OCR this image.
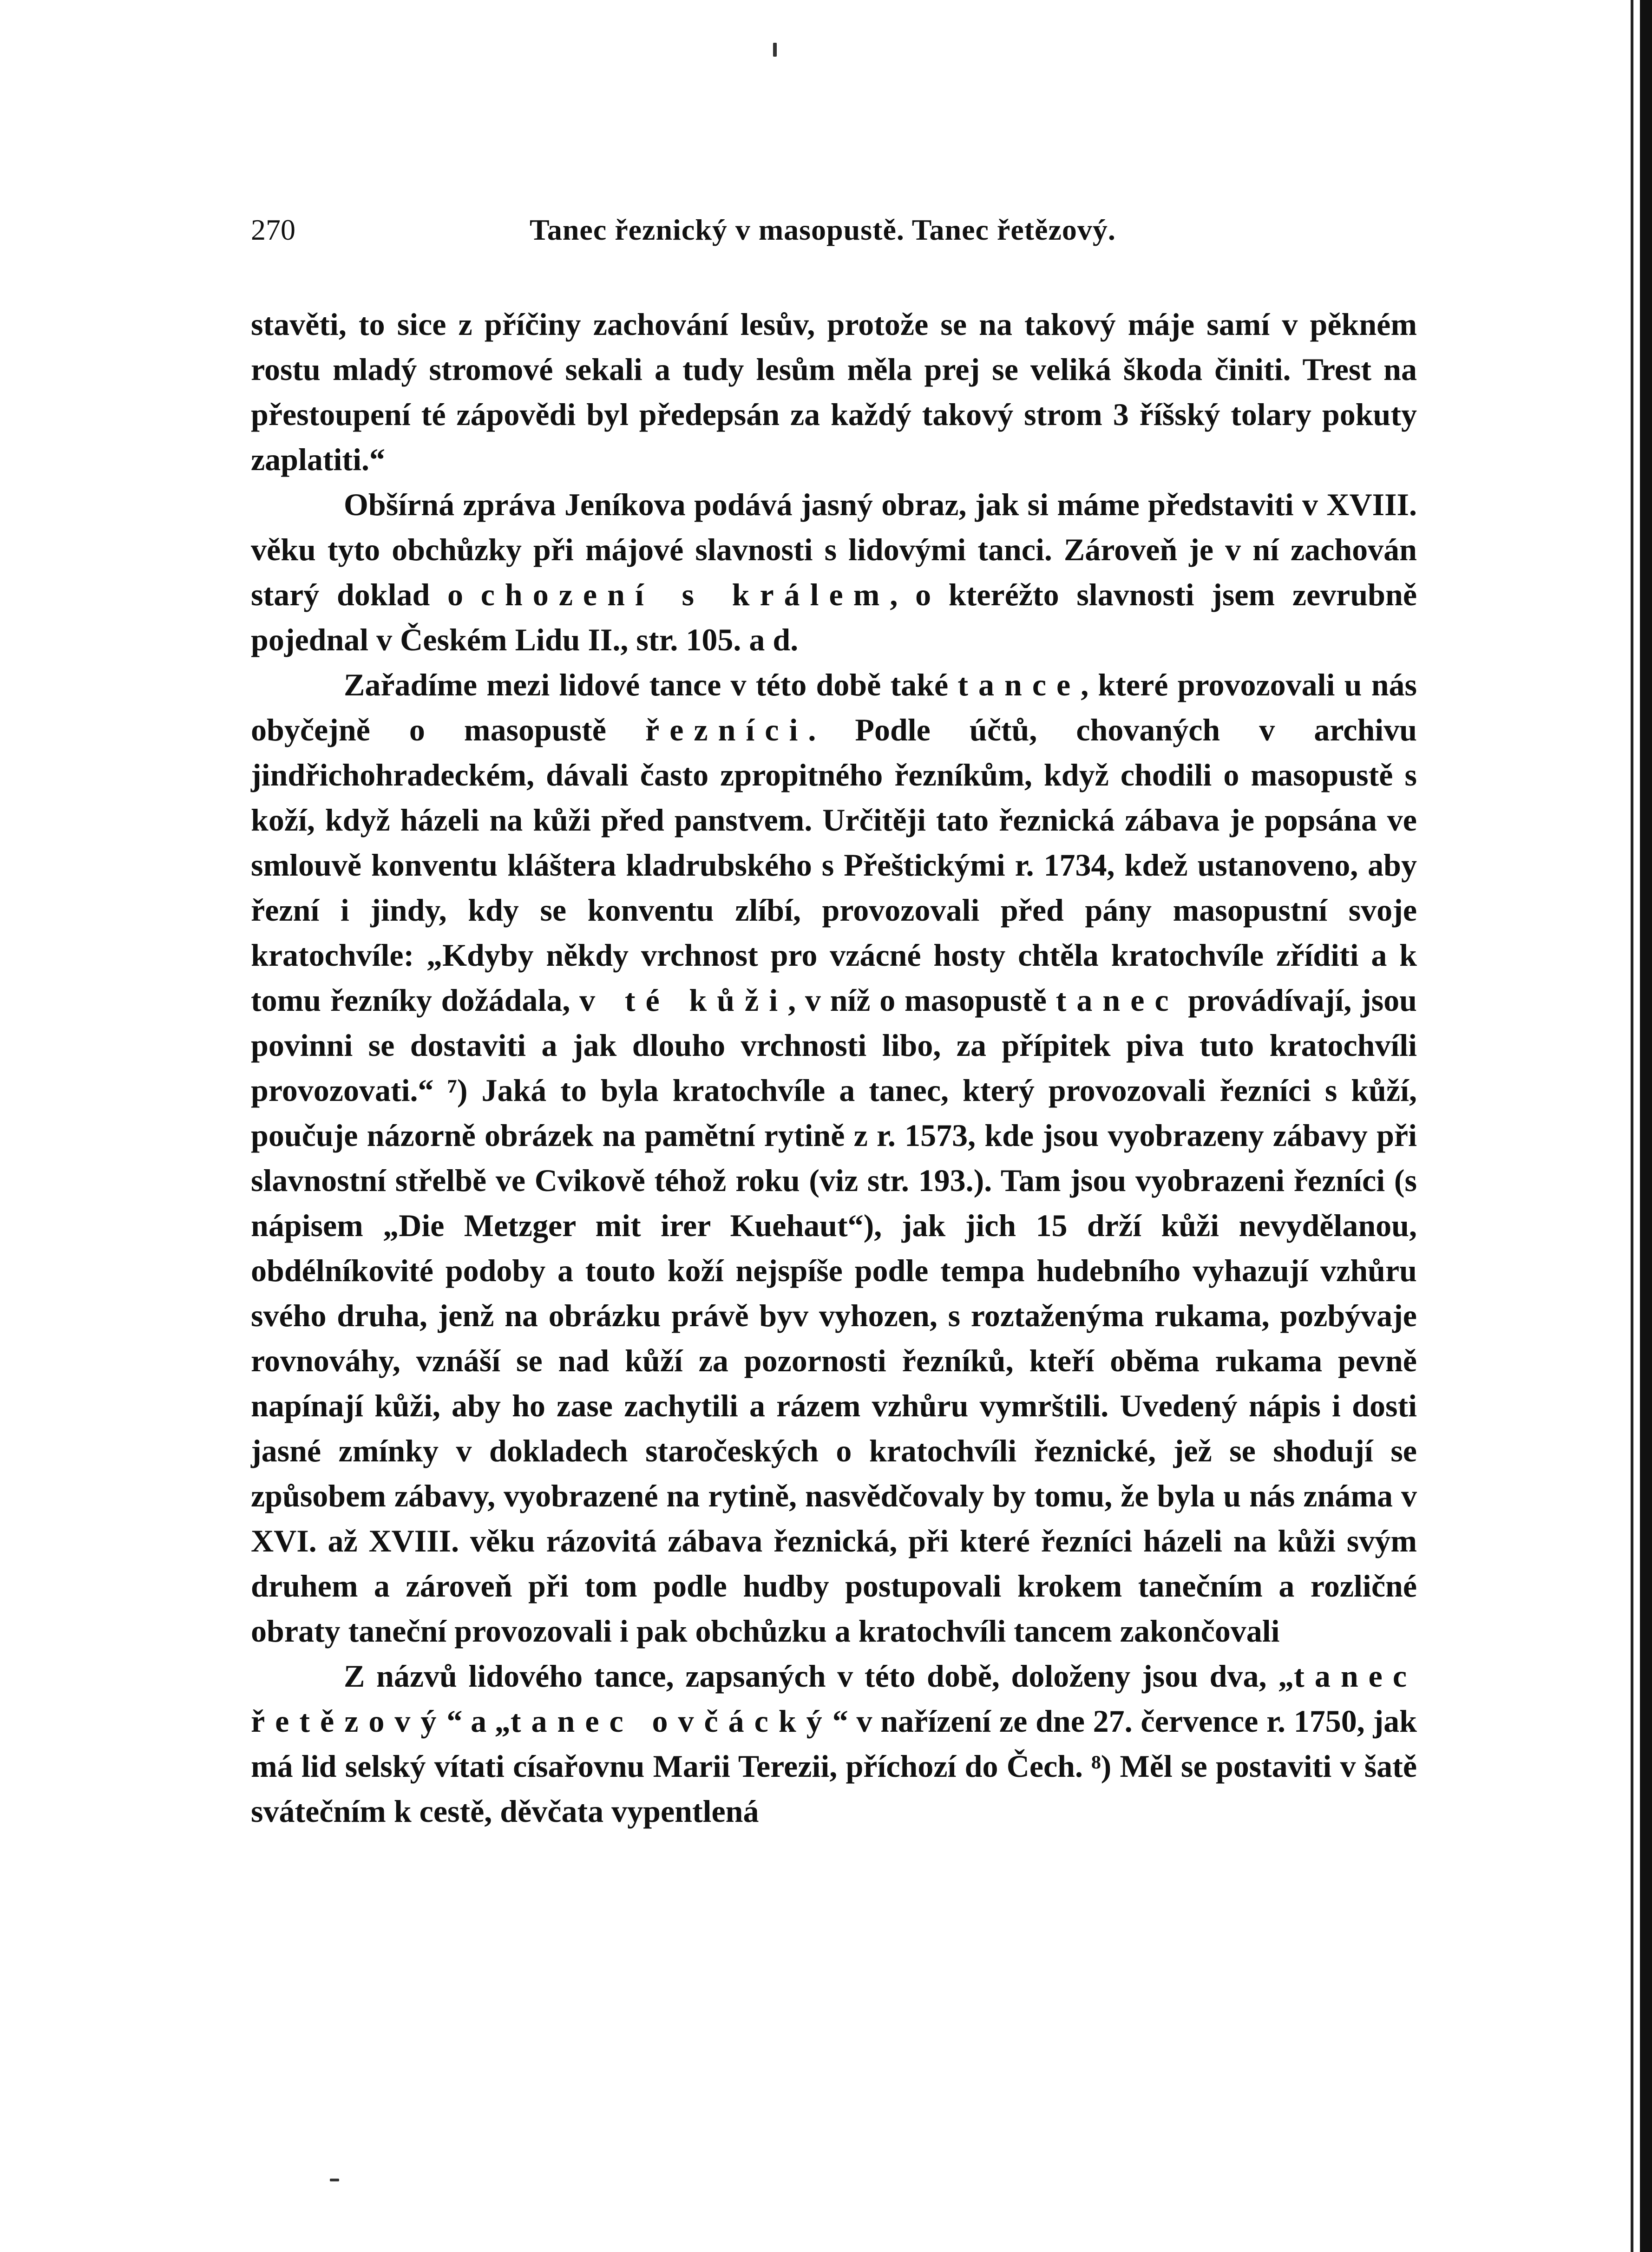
270	Tanec řeznický v masopustě. Tanec řetězový.

stavěti, to sice z příčiny zachování lesův, protože se na takový máje samí v pěkném rostu mladý stromové sekali a tudy lesům měla prej se veliká škoda činiti. Trest na přestoupení té zápovědi byl předepsán za každý takový strom 3 říšský tolary pokuty zaplatiti.“

Obšírná zpráva Jeníkova podává jasný obraz, jak si máme představiti v XVIII. věku tyto obchůzky při májové slavnosti s lidovými tanci. Zároveň je v ní zachován starý doklad o chození s králem, o kteréžto slavnosti jsem zevrubně pojednal v Českém Lidu II., str. 105. a d.

Zařadíme mezi lidové tance v této době také tance, které provozovali u nás obyčejně o masopustě řezníci. Podle účtů, chovaných v archivu jindřichohradeckém, dávali často zpropitného řezníkům, když chodili o masopustě s koží, když házeli na kůži před panstvem. Určitěji tato řeznická zábava je popsána ve smlouvě konventu kláštera kladrubského s Přeštickými r. 1734, kdež ustanoveno, aby řezní i jindy, kdy se konventu zlíbí, provozovali před pány masopustní svoje kratochvíle: „Kdyby někdy vrchnost pro vzácné hosty chtěla kratochvíle zříditi a k tomu řezníky dožádala, v té kůži, v níž o masopustě tanec provádívají, jsou povinni se dostaviti a jak dlouho vrchnosti libo, za přípitek piva tuto kratochvíli provozovati.“ ⁷) Jaká to byla kratochvíle a tanec, který provozovali řezníci s kůží, poučuje názorně obrázek na pamětní rytině z r. 1573, kde jsou vyobrazeny zábavy při slavnostní střelbě ve Cvikově téhož roku (viz str. 193.). Tam jsou vyobrazeni řezníci (s nápisem „Die Metzger mit irer Kuehaut“), jak jich 15 drží kůži nevydělanou, obdélníkovité podoby a touto koží nejspíše podle tempa hudebního vyhazují vzhůru svého druha, jenž na obrázku právě byv vyhozen, s roztaženýma rukama, pozbývaje rovnováhy, vznáší se nad kůží za pozornosti řezníků, kteří oběma rukama pevně napínají kůži, aby ho zase zachytili a rázem vzhůru vymrštili. Uvedený nápis i dosti jasné zmínky v dokladech staročeských o kratochvíli řeznické, jež se shodují se způsobem zábavy, vyobrazené na rytině, nasvědčovaly by tomu, že byla u nás známa v XVI. až XVIII. věku rázovitá zábava řeznická, při které řezníci házeli na kůži svým druhem a zároveň při tom podle hudby postupovali krokem tanečním a rozličné obraty taneční provozovali i pak obchůzku a kratochvíli tancem zakončovali

Z názvů lidového tance, zapsaných v této době, doloženy jsou dva, „tanec řetězový“ a „tanec ovčácký“ v nařízení ze dne 27. července r. 1750, jak má lid selský vítati císařovnu Marii Terezii, příchozí do Čech. ⁸) Měl se postaviti v šatě svátečním k cestě, děvčata vypentlená
